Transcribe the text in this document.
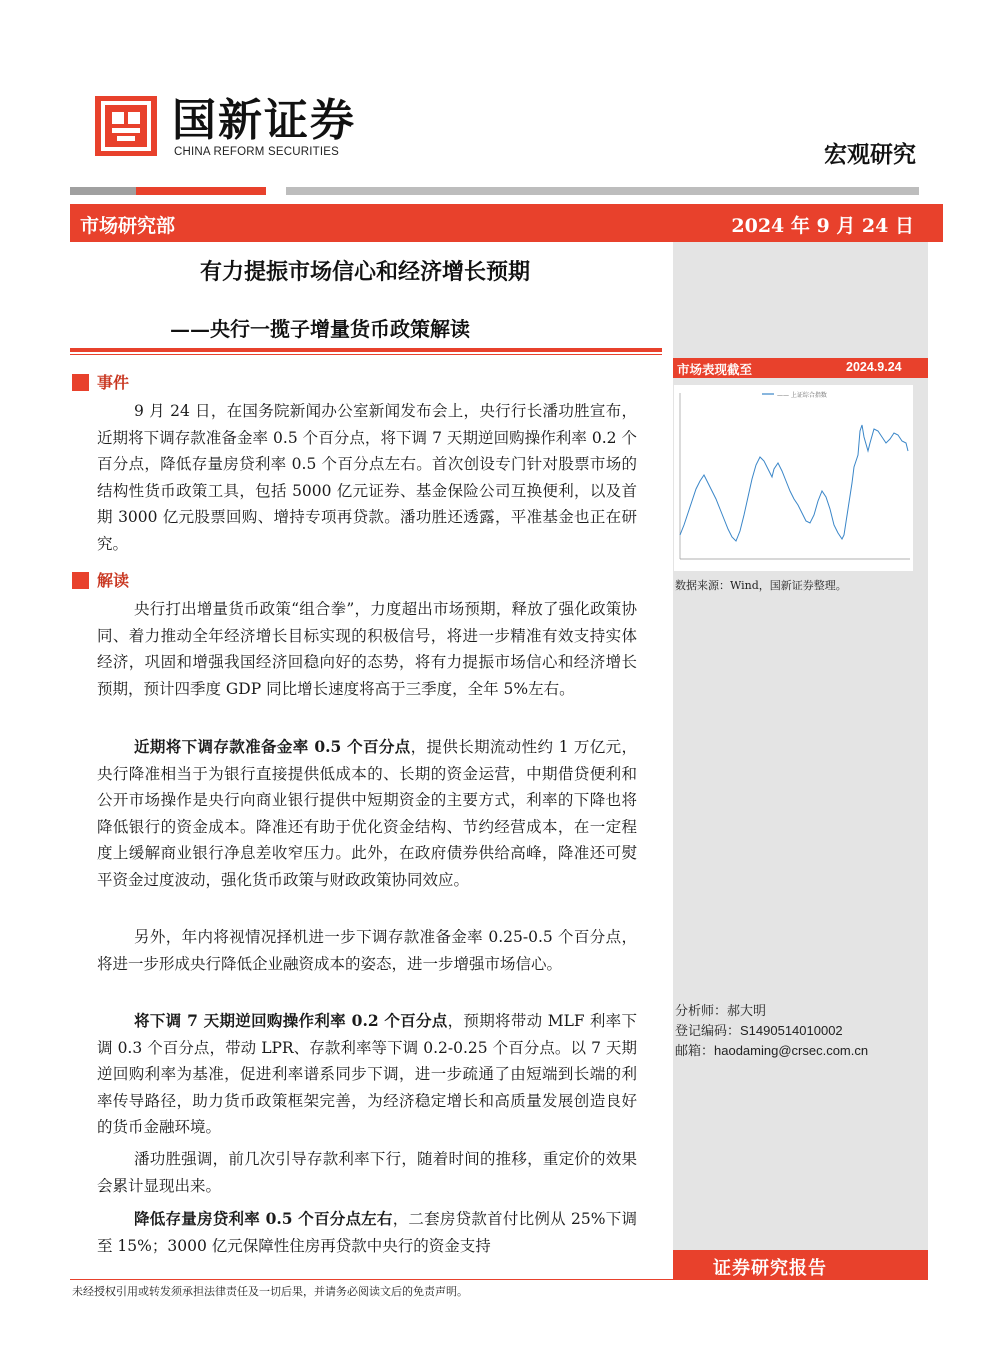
国新证券
CHINA REFORM SECURITIES	宏观研究
市场研究部	2024 年 9 月 24 日
市场表现截至	2024.9.24
—— 上证综合指数
数据来源：Wind，国新证券整理。
分析师：郝大明
登记编码：S1490514010002
邮箱：haodaming@crsec.com.cn
证券研究报告
有力提振市场信心和经济增长预期
——央行一揽子增量货币政策解读
事件
9 月 24 日，在国务院新闻办公室新闻发布会上，央行行长潘功胜宣布，近期将下调存款准备金率 0.5 个百分点，将下调 7 天期逆回购操作利率 0.2 个百分点，降低存量房贷利率 0.5 个百分点左右。首次创设专门针对股票市场的结构性货币政策工具，包括 5000 亿元证券、基金保险公司互换便利，以及首期 3000 亿元股票回购、增持专项再贷款。潘功胜还透露，平准基金也正在研究。
解读
央行打出增量货币政策“组合拳”，力度超出市场预期，释放了强化政策协同、着力推动全年经济增长目标实现的积极信号，将进一步精准有效支持实体经济，巩固和增强我国经济回稳向好的态势，将有力提振市场信心和经济增长预期，预计四季度 GDP 同比增长速度将高于三季度，全年 5%左右。
近期将下调存款准备金率 0.5 个百分点，提供长期流动性约 1 万亿元，央行降准相当于为银行直接提供低成本的、长期的资金运营，中期借贷便利和公开市场操作是央行向商业银行提供中短期资金的主要方式，利率的下降也将降低银行的资金成本。降准还有助于优化资金结构、节约经营成本，在一定程度上缓解商业银行净息差收窄压力。此外，在政府债券供给高峰，降准还可熨平资金过度波动，强化货币政策与财政政策协同效应。
另外，年内将视情况择机进一步下调存款准备金率 0.25-0.5 个百分点，将进一步形成央行降低企业融资成本的姿态，进一步增强市场信心。
将下调 7 天期逆回购操作利率 0.2 个百分点，预期将带动 MLF 利率下调 0.3 个百分点，带动 LPR、存款利率等下调 0.2-0.25 个百分点。以 7 天期逆回购利率为基准，促进利率谱系同步下调，进一步疏通了由短端到长端的利率传导路径，助力货币政策框架完善，为经济稳定增长和高质量发展创造良好的货币金融环境。
潘功胜强调，前几次引导存款利率下行，随着时间的推移，重定价的效果会累计显现出来。
降低存量房贷利率 0.5 个百分点左右，二套房贷款首付比例从 25%下调至 15%；3000 亿元保障性住房再贷款中央行的资金支持
未经授权引用或转发须承担法律责任及一切后果，并请务必阅读文后的免责声明。
